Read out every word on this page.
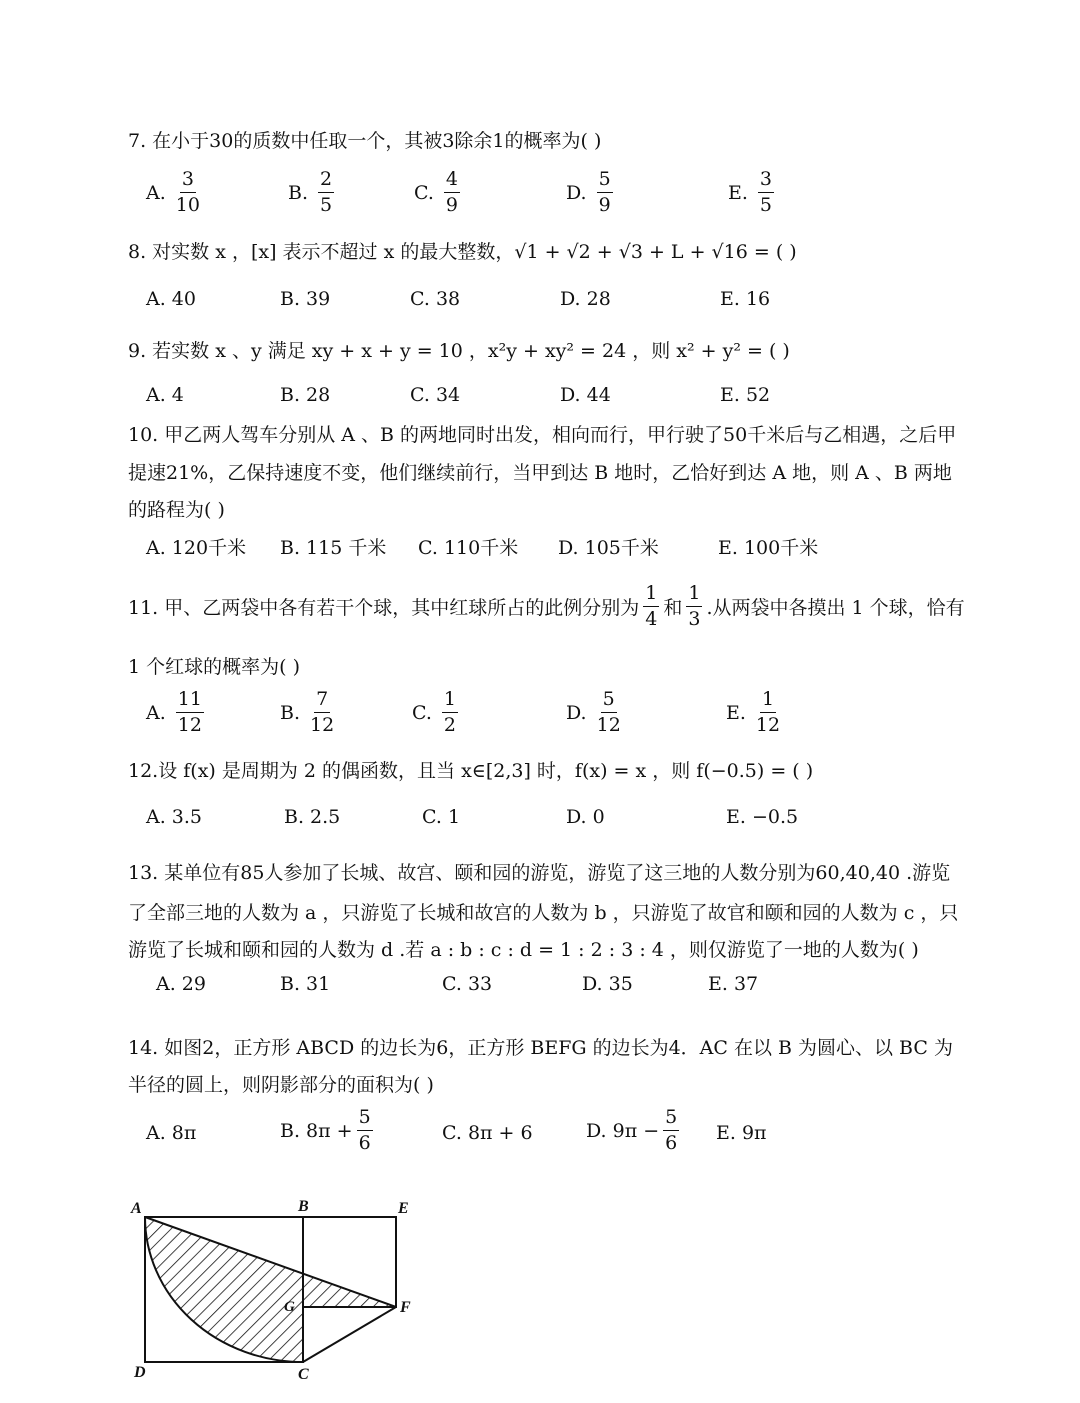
7. 在小于30的质数中任取一个，其被3除余1的概率为( )
A. $\frac{3}{10}$	B. $\frac{2}{5}$	C. $\frac{4}{9}$	D. $\frac{5}{9}$	E. $\frac{3}{5}$
8. 对实数 x ，[x] 表示不超过 x 的最大整数，√1 + √2 + √3 + L + √16 = ( )
A. 40	B. 39	C. 38	D. 28	E. 16
9. 若实数 x 、y 满足 xy + x + y = 10 ，x²y + xy² = 24 ，则 x² + y² = ( )
A. 4	B. 28	C. 34	D. 44	E. 52
10. 甲乙两人驾车分别从 A 、B 的两地同时出发，相向而行，甲行驶了50千米后与乙相遇，之后甲
提速21%，乙保持速度不变，他们继续前行，当甲到达 B 地时，乙恰好到达 A 地，则 A 、B 两地
的路程为( )
A. 120千米 B. 115 千米 C. 110千米 D. 105千米	E. 100千米
11. 甲、乙两袋中各有若干个球，其中红球所占的此例分别为 $\frac{1}{4}$ 和 $\frac{1}{3}$ .从两袋中各摸出 1 个球，恰有
1 个红球的概率为( )
A. $\frac{11}{12}$	B. $\frac{7}{12}$	C. $\frac{1}{2}$	D. $\frac{5}{12}$	E. $\frac{1}{12}$
12.设 f(x) 是周期为 2 的偶函数，且当 x∈[2,3] 时，f(x) = x ，则 f(−0.5) = ( )
A. 3.5	B. 2.5	C. 1	D. 0	E. −0.5
13. 某单位有85人参加了长城、故宫、颐和园的游览，游览了这三地的人数分别为60,40,40 .游览
了全部三地的人数为 a ，只游览了长城和故宫的人数为 b ，只游览了故官和颐和园的人数为 c ，只
游览了长城和颐和园的人数为 d .若 a : b : c : d = 1 : 2 : 3 : 4 ，则仅游览了一地的人数为( )
A. 29	B. 31	C. 33	D. 35	E. 37
14. 如图2，正方形 ABCD 的边长为6，正方形 BEFG 的边长为4．AC 在以 B 为圆心、以 BC 为
半径的圆上，则阴影部分的面积为( )
A. 8π	B. $8\pi + \frac{5}{6}$	C. 8π + 6	D. $9\pi - \frac{5}{6} E$. 9π
A	B	E
G	F
D	C
